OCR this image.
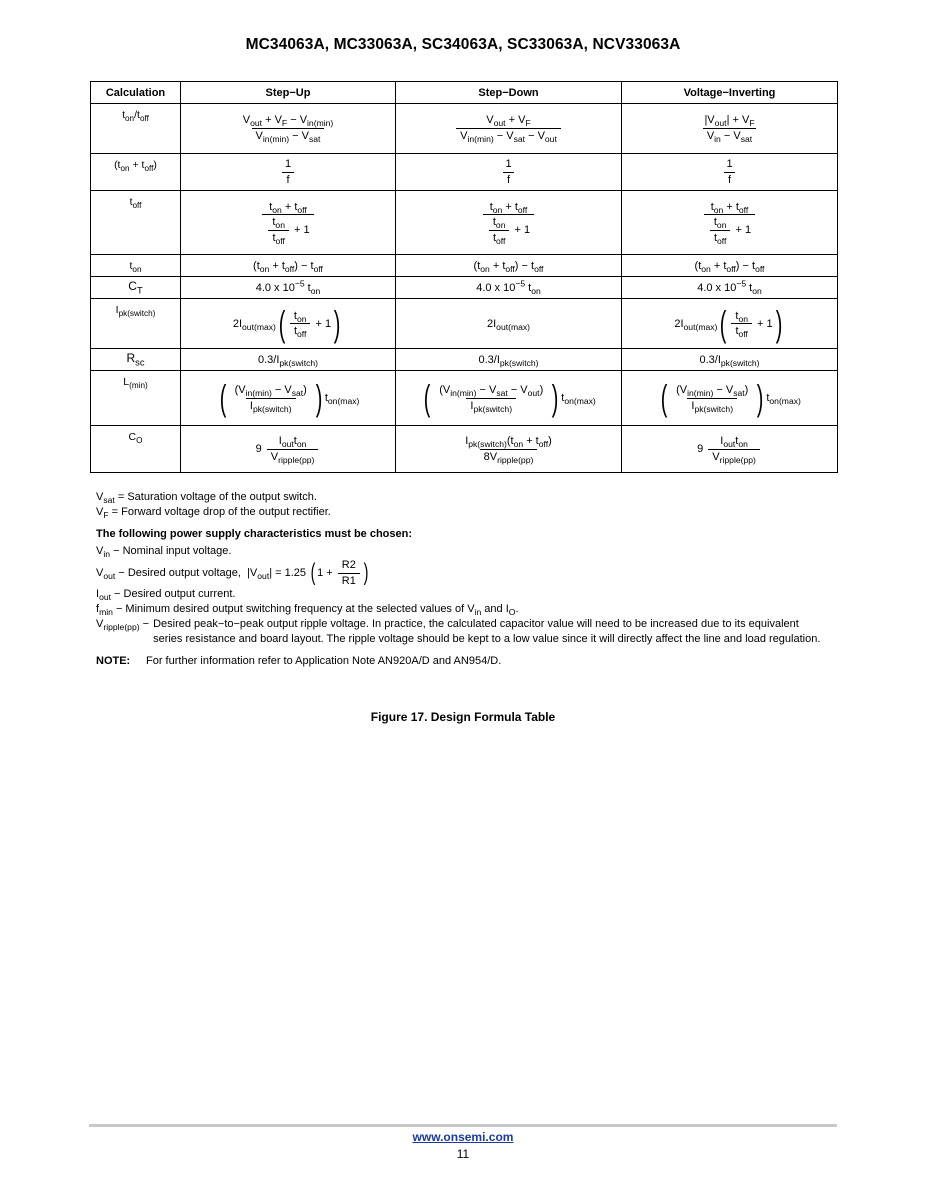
MC34063A, MC33063A, SC34063A, SC33063A, NCV33063A
Calculation	Step−Up	Step−Down	Voltage−Inverting
$t_{on}/t_{off}$	$\frac{V_{out} + V_F - V_{in(min)}}{V_{in(min)} - V_{sat}}$	$\frac{V_{out} + V_F}{V_{in(min)} - V_{sat} - V_{out}}$	$\frac{|V_{out}| + V_F}{V_{in} - V_{sat}}$

$(t_{on} + t_{off})$	$\frac{1}{f}$	$\frac{1}{f}$	$\frac{1}{f}$

$t_{off}$	$\frac{t_{on} + t_{off}}{\frac{t_{on}}{t_{off}} + 1}$	$\frac{t_{on} + t_{off}}{\frac{t_{on}}{t_{off}} + 1}$	$\frac{t_{on} + t_{off}}{\frac{t_{on}}{t_{off}} + 1}$

$t_{on}$	$(t_{on} + t_{off}) - t_{off}$	$(t_{on} + t_{off}) - t_{off}$	$(t_{on} + t_{off}) - t_{off}$
$C_T$	4.0 x $10^{-5}$ $t_{on}$	4.0 x $10^{-5}$ $t_{on}$	4.0 x $10^{-5}$ $t_{on}$
$I_{pk(switch)}$	$2I_{out(max)}( \frac{t_{on}}{t_{off}} + 1)$	$2I_{out(max)}$	$2I_{out(max)}( \frac{t_{on}}{t_{off}} + 1)$
$R_{sc}$	$0.3/I_{pk(switch)}$	$0.3/I_{pk(switch)}$	$0.3/I_{pk(switch)}$
$L_{(min)}$	( $\frac{(V_{in(min)} - V_{sat})}{I_{pk(switch)}}$ ) $t_{on(max)}$	( $\frac{(V_{in(min)} - V_{sat} - V_{out})}{I_{pk(switch)}}$ ) $t_{on(max)}$	( $\frac{(V_{in(min)} - V_{sat})}{I_{pk(switch)}}$ ) $t_{on(max)}$
$C_O$	$9 \frac{I_{out}t_{on}}{V_{ripple(pp)}}$	$\frac{I_{pk(switch)}(t_{on} + t_{off})}{8V_{ripple(pp)}}$	$9 \frac{I_{out}t_{on}}{V_{ripple(pp)}}$

$V_{sat}$ = Saturation voltage of the output switch.

$V_F$ = Forward voltage drop of the output rectifier.

The following power supply characteristics must be chosen:

$V_{in}$ − Nominal input voltage.

$V_{out}$ − Desired output voltage, $|V_{out}| = 1.25$ ( $1 + \frac{R2}{R1}$ )

$I_{out}$ − Desired output current.

$f_{min}$ − Minimum desired output switching frequency at the selected values of $V_{in}$ and $I_O$.

$V_{ripple(pp)}$ − Desired peak−to−peak output ripple voltage. In practice, the calculated capacitor value will need to be increased due to its equivalent series resistance and board layout. The ripple voltage should be kept to a low value since it will directly affect the line and load regulation.

NOTE: For further information refer to Application Note AN920A/D and AN954/D.

Figure 17. Design Formula Table
www.onsemi.com
11
